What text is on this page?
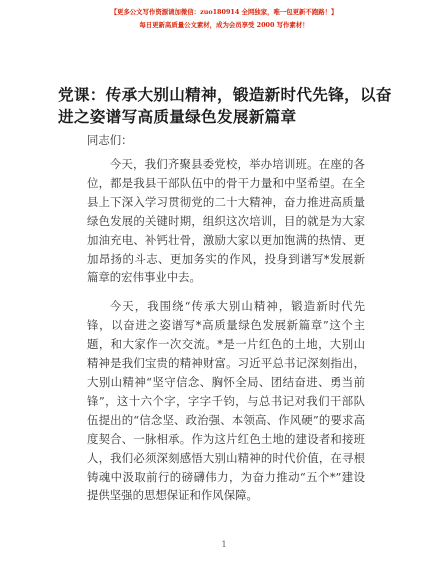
【更多公文写作资源请加微信：zuo180914 全网独家，唯一包更新不跑路！】
每日更新高质量公文素材，成为会员享受 2000 写作素材！
党课：传承大别山精神，锻造新时代先锋，以奋进之姿谱写高质量绿色发展新篇章
同志们：

今天，我们齐聚县委党校，举办培训班。在座的各位，都是我县干部队伍中的骨干力量和中坚希望。在全县上下深入学习贯彻党的二十大精神，奋力推进高质量绿色发展的关键时期，组织这次培训，目的就是为大家加油充电、补钙壮骨，激励大家以更加饱满的热情、更加昂扬的斗志、更加务实的作风，投身到谱写*发展新篇章的宏伟事业中去。

今天，我围绕“传承大别山精神，锻造新时代先锋，以奋进之姿谱写*高质量绿色发展新篇章”这个主题，和大家作一次交流。*是一片红色的土地，大别山精神是我们宝贵的精神财富。习近平总书记深刻指出，大别山精神“坚守信念、胸怀全局、团结奋进、勇当前锋”，这十六个字，字字千钧，与总书记对我们干部队伍提出的“信念坚、政治强、本领高、作风硬”的要求高度契合、一脉相承。作为这片红色土地的建设者和接班人，我们必须深刻感悟大别山精神的时代价值，在寻根铸魂中汲取前行的磅礴伟力，为奋力推动“五个*”建设提供坚强的思想保证和作风保障。

1
